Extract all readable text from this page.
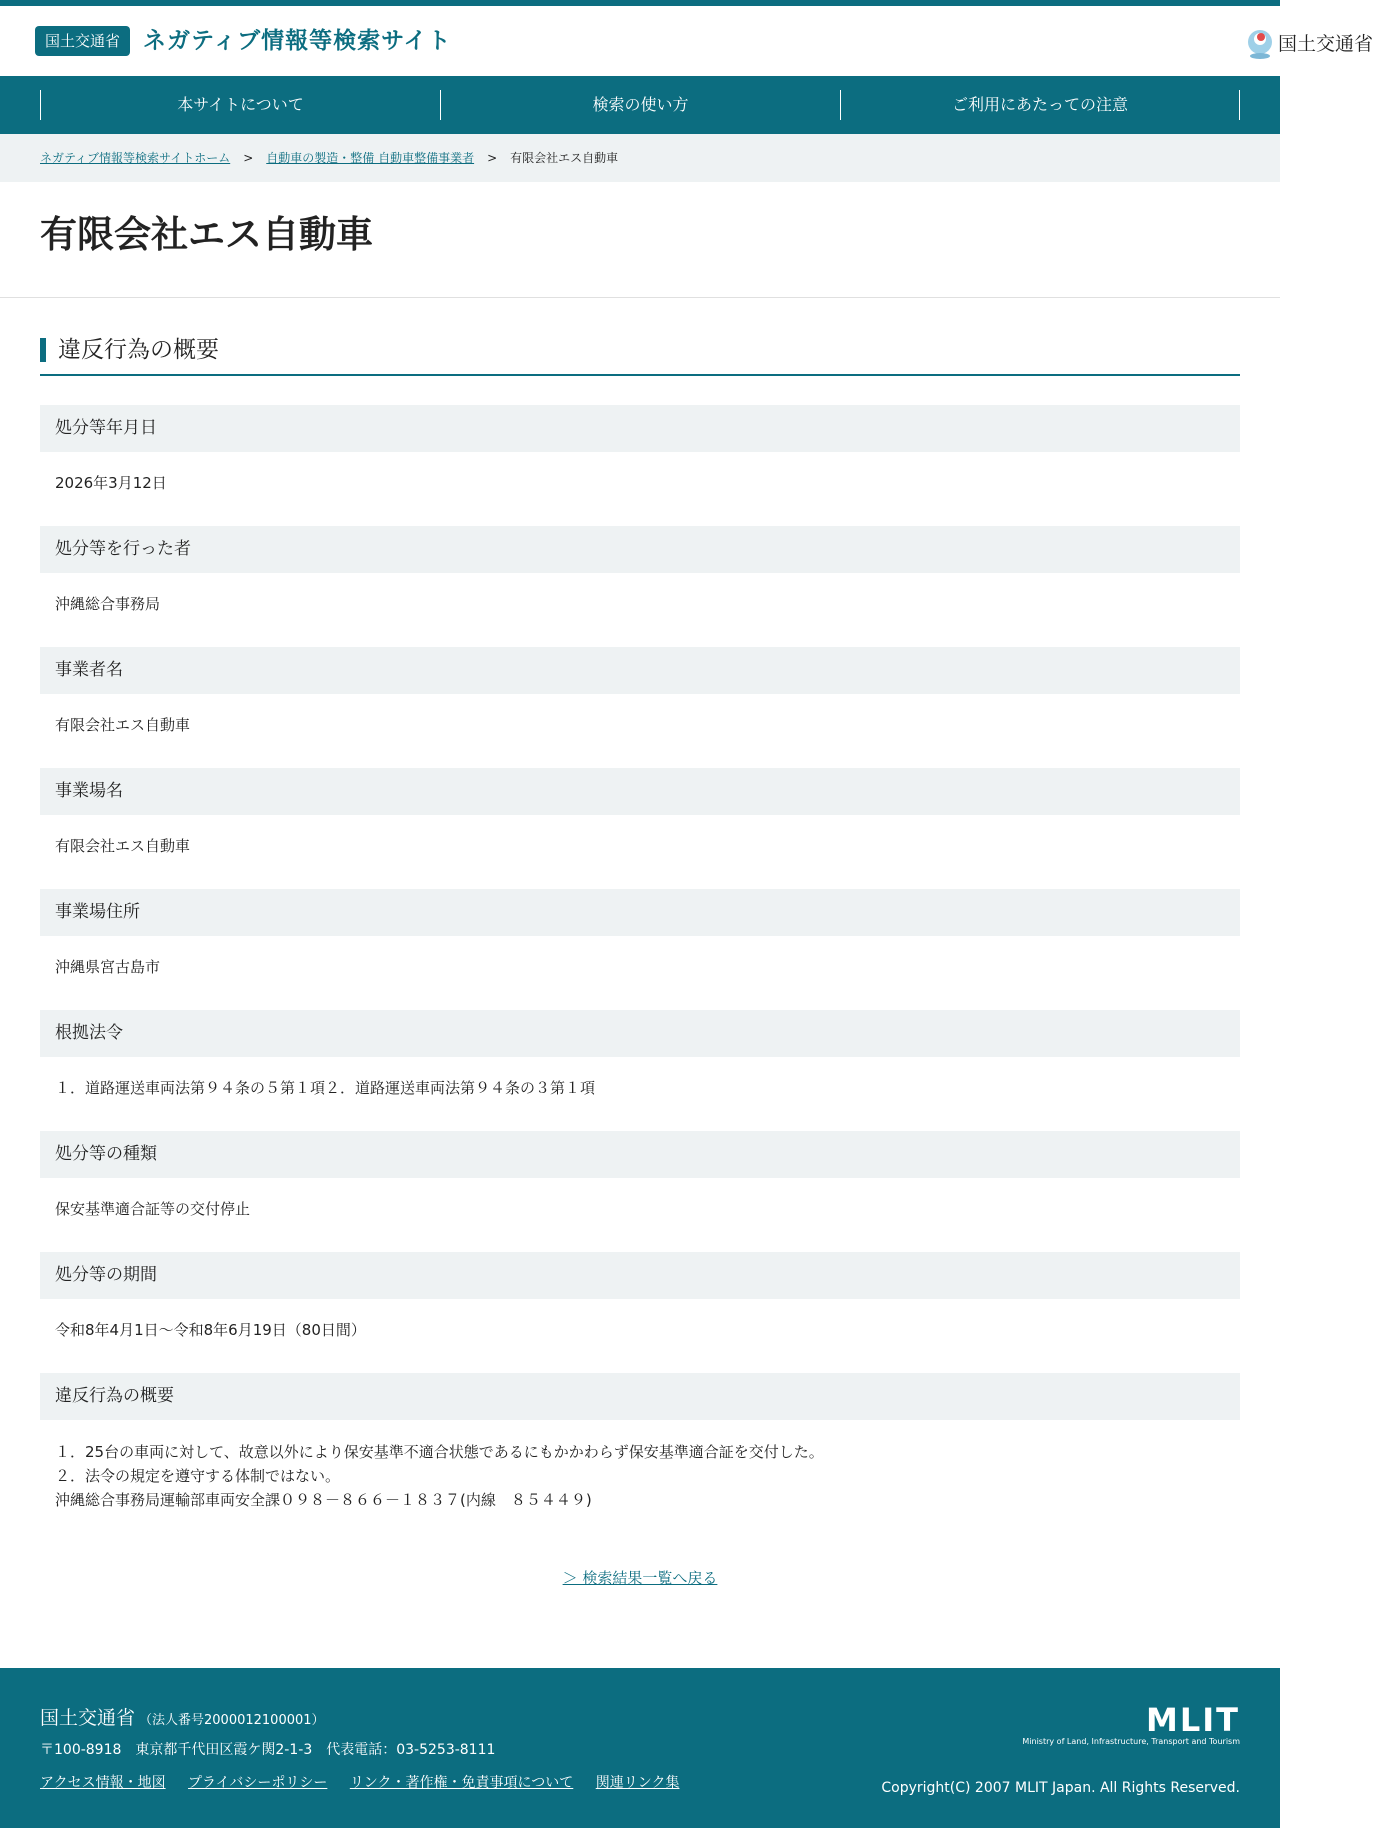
国土交通省 ネガティブ情報等検索サイト	国土交通省
本サイトについて	検索の使い方	ご利用にあたっての注意
ネガティブ情報等検索サイトホーム > 自動車の製造・整備 自動車整備事業者 > 有限会社エス自動車
有限会社エス自動車
違反行為の概要
処分等年月日
2026年3月12日
処分等を行った者
沖縄総合事務局
事業者名
有限会社エス自動車
事業場名
有限会社エス自動車
事業場住所
沖縄県宮古島市
根拠法令
１．道路運送車両法第９４条の５第１項２．道路運送車両法第９４条の３第１項
処分等の種類
保安基準適合証等の交付停止
処分等の期間
令和8年4月1日～令和8年6月19日（80日間）
違反行為の概要
１．25台の車両に対して、故意以外により保安基準不適合状態であるにもかかわらず保安基準適合証を交付した。
２．法令の規定を遵守する体制ではない。
沖縄総合事務局運輸部車両安全課０９８－８６６－１８３７(内線　８５４４９)
＞ 検索結果一覧へ戻る
国土交通省 （法人番号2000012100001）
〒100-8918　東京都千代田区霞ケ関2-1-3　代表電話：03-5253-8111
アクセス情報・地図 プライバシーポリシー リンク・著作権・免責事項について 関連リンク集
MLIT
Ministry of Land, Infrastructure, Transport and Tourism
Copyright(C) 2007 MLIT Japan. All Rights Reserved.
